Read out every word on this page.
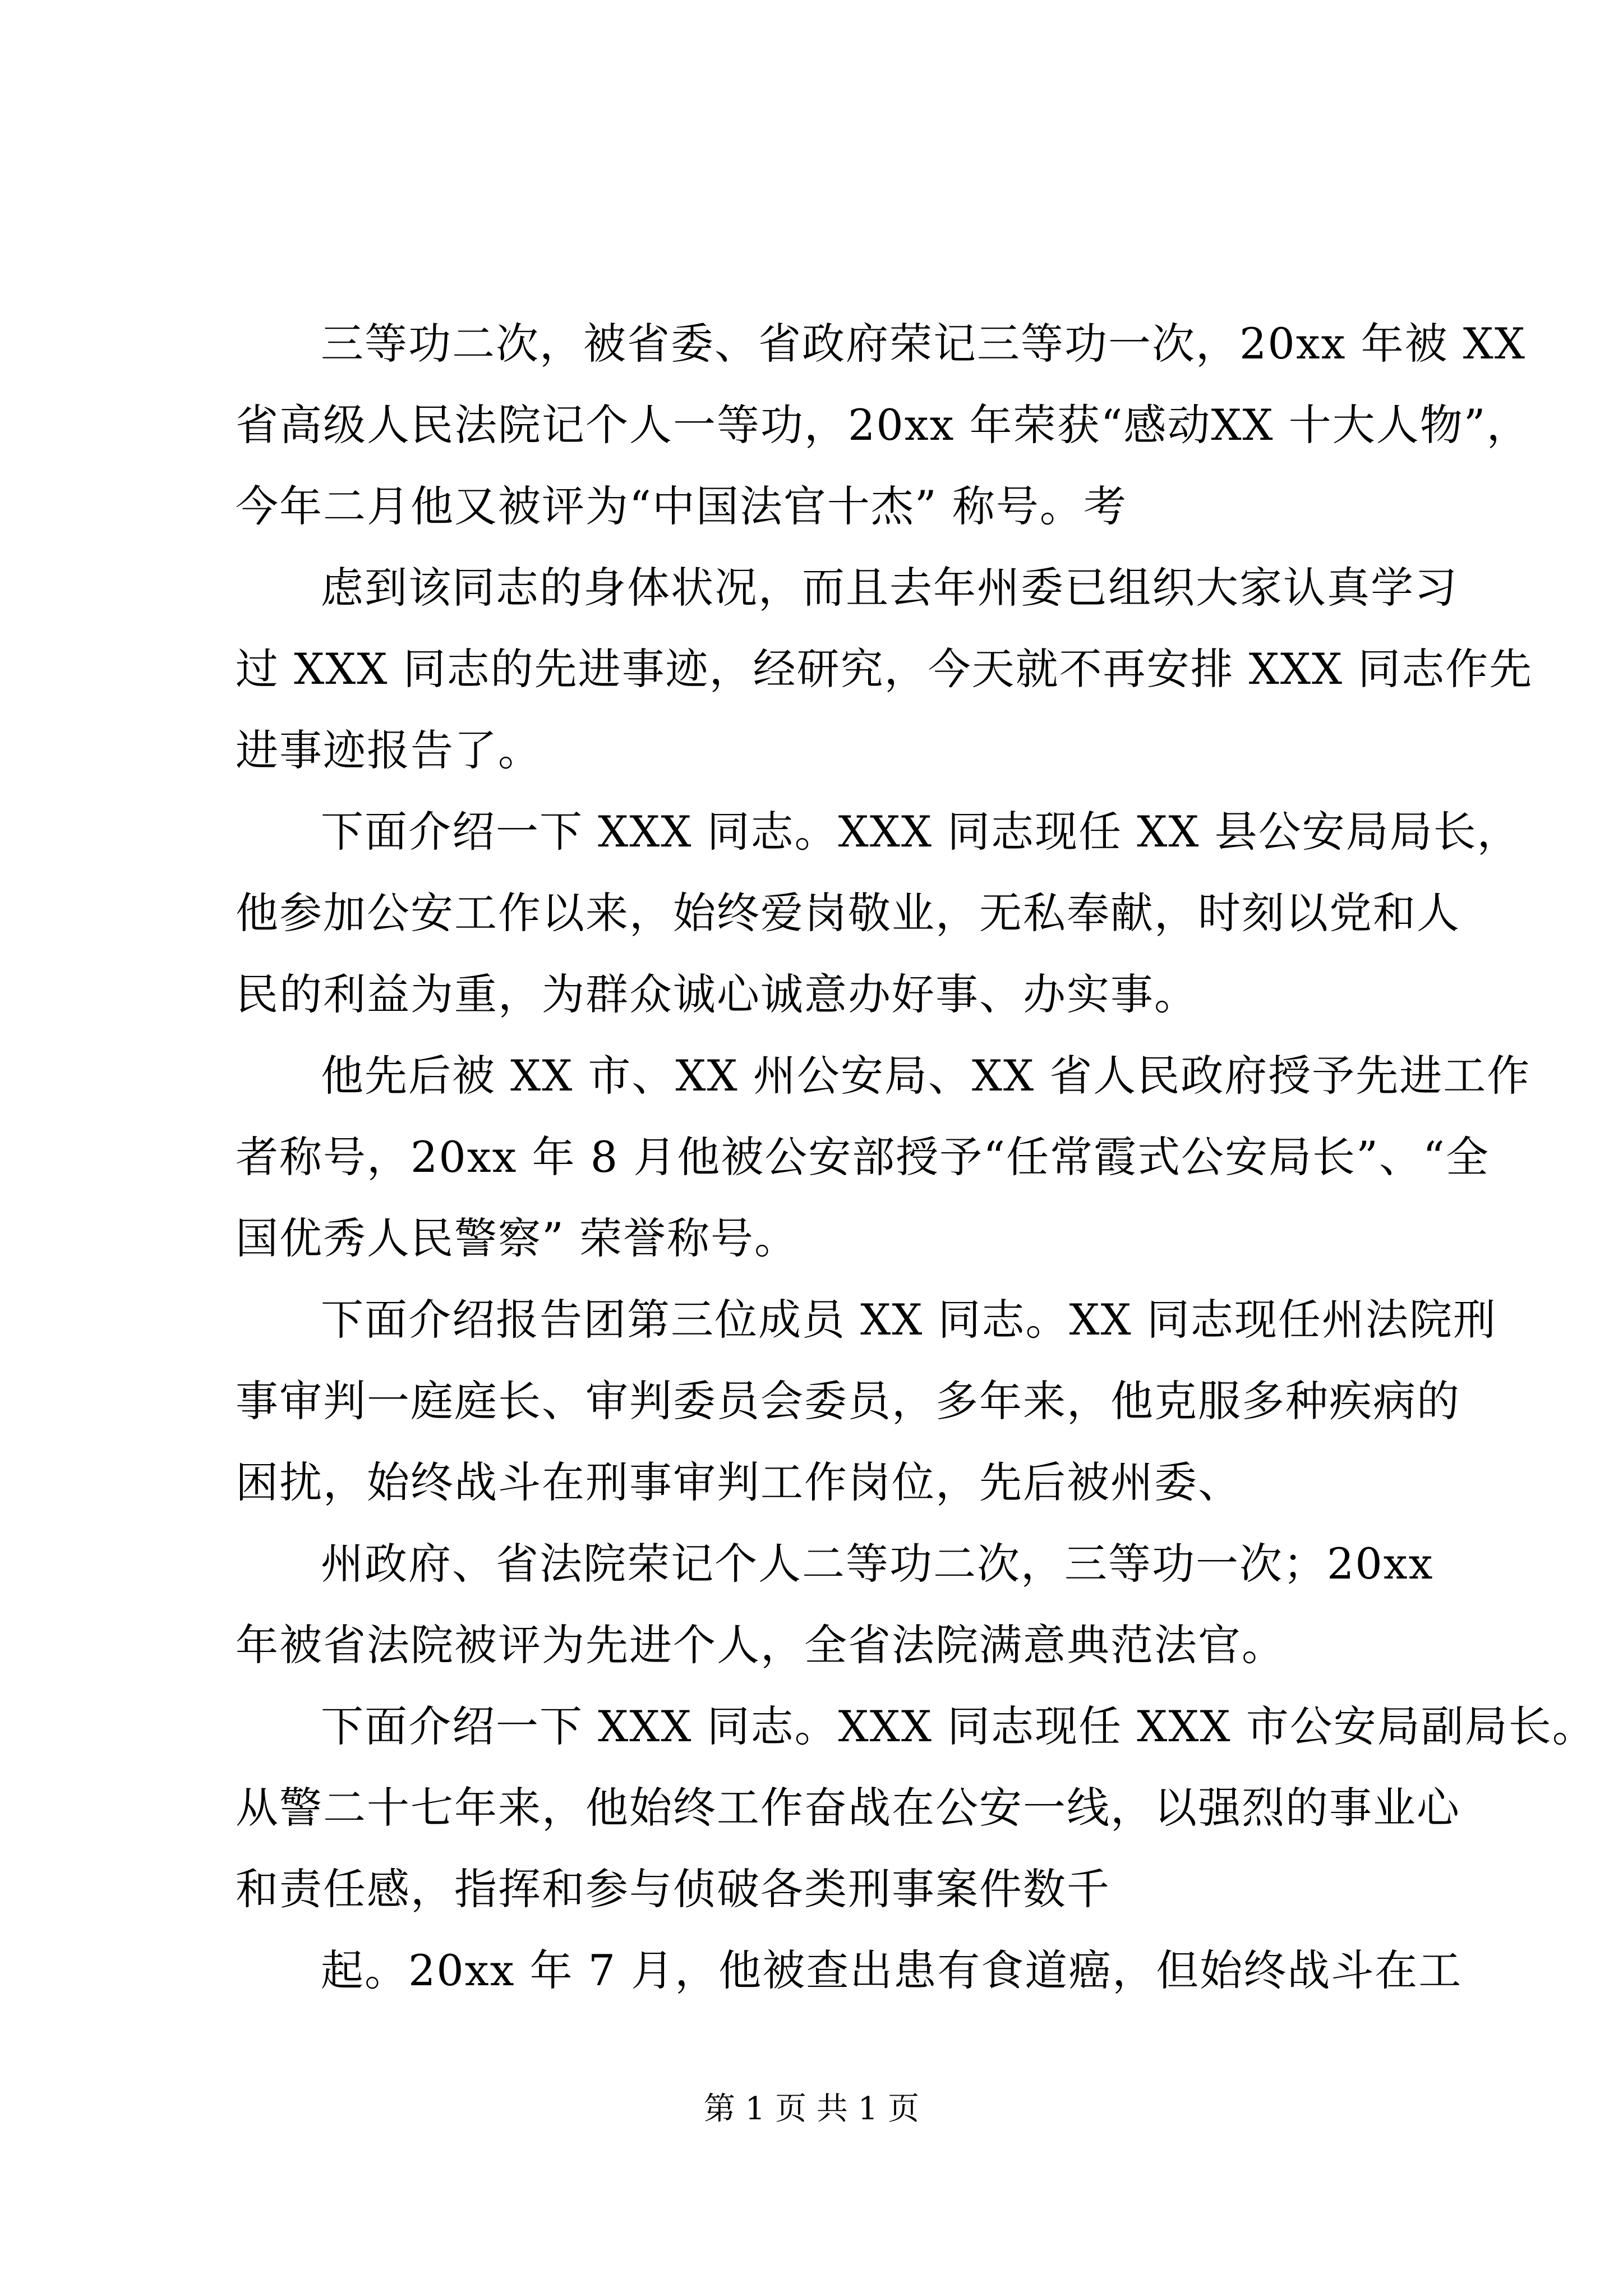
三等功二次，被省委、省政府荣记三等功一次，20xx 年被 XX
省高级人民法院记个人一等功，20xx 年荣获“感动XX 十大人物”，
今年二月他又被评为“中国法官十杰” 称号。考
虑到该同志的身体状况，而且去年州委已组织大家认真学习
过 XXX 同志的先进事迹，经研究，今天就不再安排 XXX 同志作先
进事迹报告了。
下面介绍一下 XXX 同志。XXX 同志现任 XX 县公安局局长，
他参加公安工作以来，始终爱岗敬业，无私奉献，时刻以党和人
民的利益为重，为群众诚心诚意办好事、办实事。
他先后被 XX 市、XX 州公安局、XX 省人民政府授予先进工作
者称号，20xx 年 8 月他被公安部授予“任常霞式公安局长”、“全
国优秀人民警察” 荣誉称号。
下面介绍报告团第三位成员 XX 同志。XX 同志现任州法院刑
事审判一庭庭长、审判委员会委员，多年来，他克服多种疾病的
困扰，始终战斗在刑事审判工作岗位，先后被州委、
州政府、省法院荣记个人二等功二次，三等功一次；20xx
年被省法院被评为先进个人，全省法院满意典范法官。
下面介绍一下 XXX 同志。XXX 同志现任 XXX 市公安局副局长。
从警二十七年来，他始终工作奋战在公安一线，以强烈的事业心
和责任感，指挥和参与侦破各类刑事案件数千
起。20xx 年 7 月，他被查出患有食道癌，但始终战斗在工
第 1 页 共 1 页
